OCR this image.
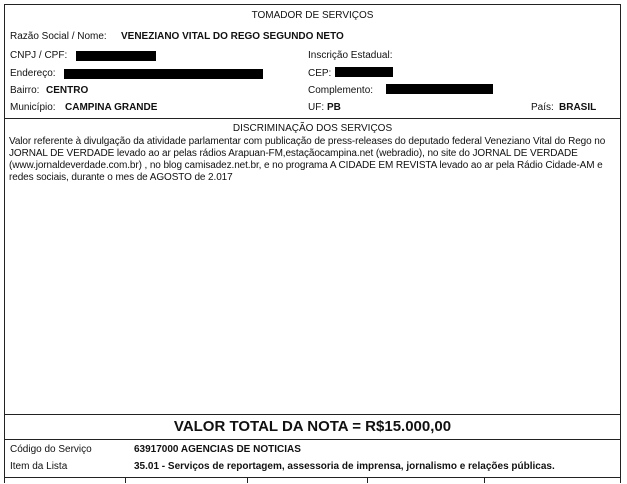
TOMADOR DE SERVIÇOS
Razão Social / Nome: VENEZIANO VITAL DO REGO SEGUNDO NETO
CNPJ / CPF:	Inscrição Estadual:
Endereço:	CEP:
Bairro: CENTRO	Complemento:
Município: CAMPINA GRANDE	UF: PB	País: BRASIL
DISCRIMINAÇÃO DOS SERVIÇOS
Valor referente à divulgação da atividade parlamentar com publicação de press-releases do deputado federal Veneziano Vital do Rego no JORNAL DE VERDADE levado ao ar pelas rádios Arapuan-FM,estaçãocampina.net (webradio), no site do JORNAL DE VERDADE (www.jornaldeverdade.com.br) , no blog camisadez.net.br, e no programa A CIDADE EM REVISTA levado ao ar pela Rádio Cidade-AM e redes sociais, durante o mes de AGOSTO de 2.017
VALOR TOTAL DA NOTA = R$15.000,00
Código do Serviço	63917000 AGENCIAS DE NOTICIAS
Item da Lista	35.01 - Serviços de reportagem, assessoria de imprensa, jornalismo e relações públicas.
